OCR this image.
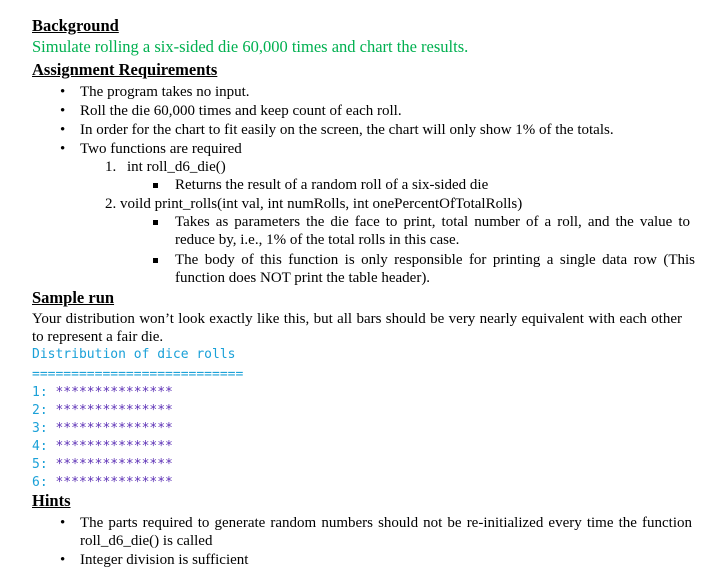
Background
Simulate rolling a six-sided die 60,000 times and chart the results.
Assignment Requirements
• The program takes no input.
• Roll the die 60,000 times and keep count of each roll.
• In order for the chart to fit easily on the screen, the chart will only show 1% of the totals.
• Two functions are required
1. int roll_d6_die()
Returns the result of a random roll of a six-sided die
2. voild print_rolls(int val, int numRolls, int onePercentOfTotalRolls)
Takes as parameters the die face to print, total number of a roll, and the value to reduce by, i.e., 1% of the total rolls in this case.
The body of this function is only responsible for printing a single data row (This function does NOT print the table header).
Sample run
Your distribution won’t look exactly like this, but all bars should be very nearly equivalent with each other to represent a fair die.
Distribution of dice rolls
===========================
1: ***************
2: ***************
3: ***************
4: ***************
5: ***************
6: ***************
Hints
• The parts required to generate random numbers should not be re-initialized every time the function roll_d6_die() is called
• Integer division is sufficient
